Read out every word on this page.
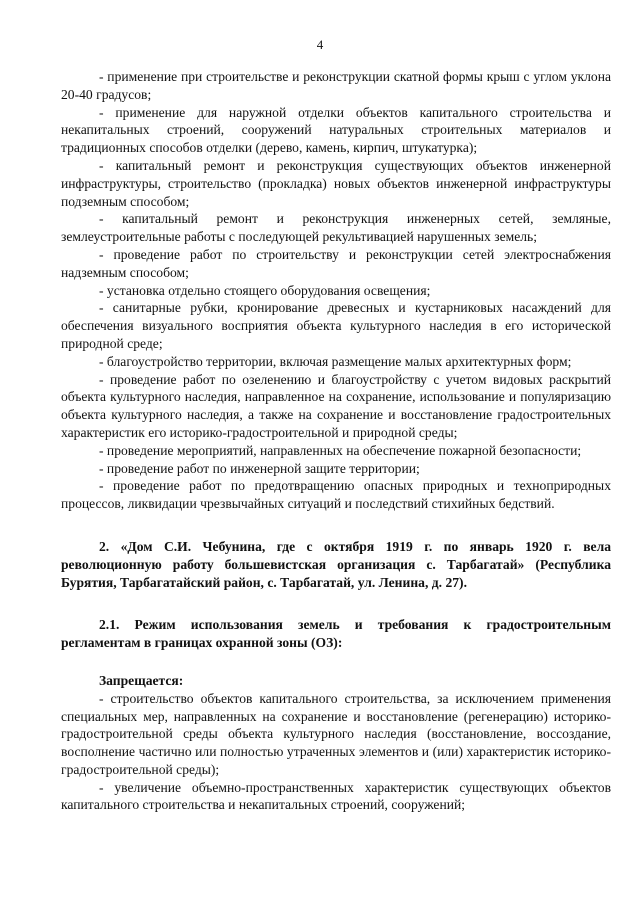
4

- применение при строительстве и реконструкции скатной формы крыш с углом уклона 20-40 градусов;

- применение для наружной отделки объектов капитального строительства и некапитальных строений, сооружений натуральных строительных материалов и традиционных способов отделки (дерево, камень, кирпич, штукатурка);

- капитальный ремонт и реконструкция существующих объектов инженерной инфраструктуры, строительство (прокладка) новых объектов инженерной инфраструктуры подземным способом;

- капитальный ремонт и реконструкция инженерных сетей, земляные, землеустроительные работы с последующей рекультивацией нарушенных земель;

- проведение работ по строительству и реконструкции сетей электроснабжения надземным способом;

- установка отдельно стоящего оборудования освещения;

- санитарные рубки, кронирование древесных и кустарниковых насаждений для обеспечения визуального восприятия объекта культурного наследия в его исторической природной среде;

- благоустройство территории, включая размещение малых архитектурных форм;

- проведение работ по озеленению и благоустройству с учетом видовых раскрытий объекта культурного наследия, направленное на сохранение, использование и популяризацию объекта культурного наследия, а также на сохранение и восстановление градостроительных характеристик его историко-градостроительной и природной среды;

- проведение мероприятий, направленных на обеспечение пожарной безопасности;

- проведение работ по инженерной защите территории;

- проведение работ по предотвращению опасных природных и техноприродных процессов, ликвидации чрезвычайных ситуаций и последствий стихийных бедствий.

2. «Дом С.И. Чебунина, где с октября 1919 г. по январь 1920 г. вела революционную работу большевистская организация с. Тарбагатай» (Республика Бурятия, Тарбагатайский район, с. Тарбагатай, ул. Ленина, д. 27).

2.1. Режим использования земель и требования к градостроительным регламентам в границах охранной зоны (ОЗ):

Запрещается:

- строительство объектов капитального строительства, за исключением применения специальных мер, направленных на сохранение и восстановление (регенерацию) историко-градостроительной среды объекта культурного наследия (восстановление, воссоздание, восполнение частично или полностью утраченных элементов и (или) характеристик историко-градостроительной среды);

- увеличение объемно-пространственных характеристик существующих объектов капитального строительства и некапитальных строений, сооружений;
